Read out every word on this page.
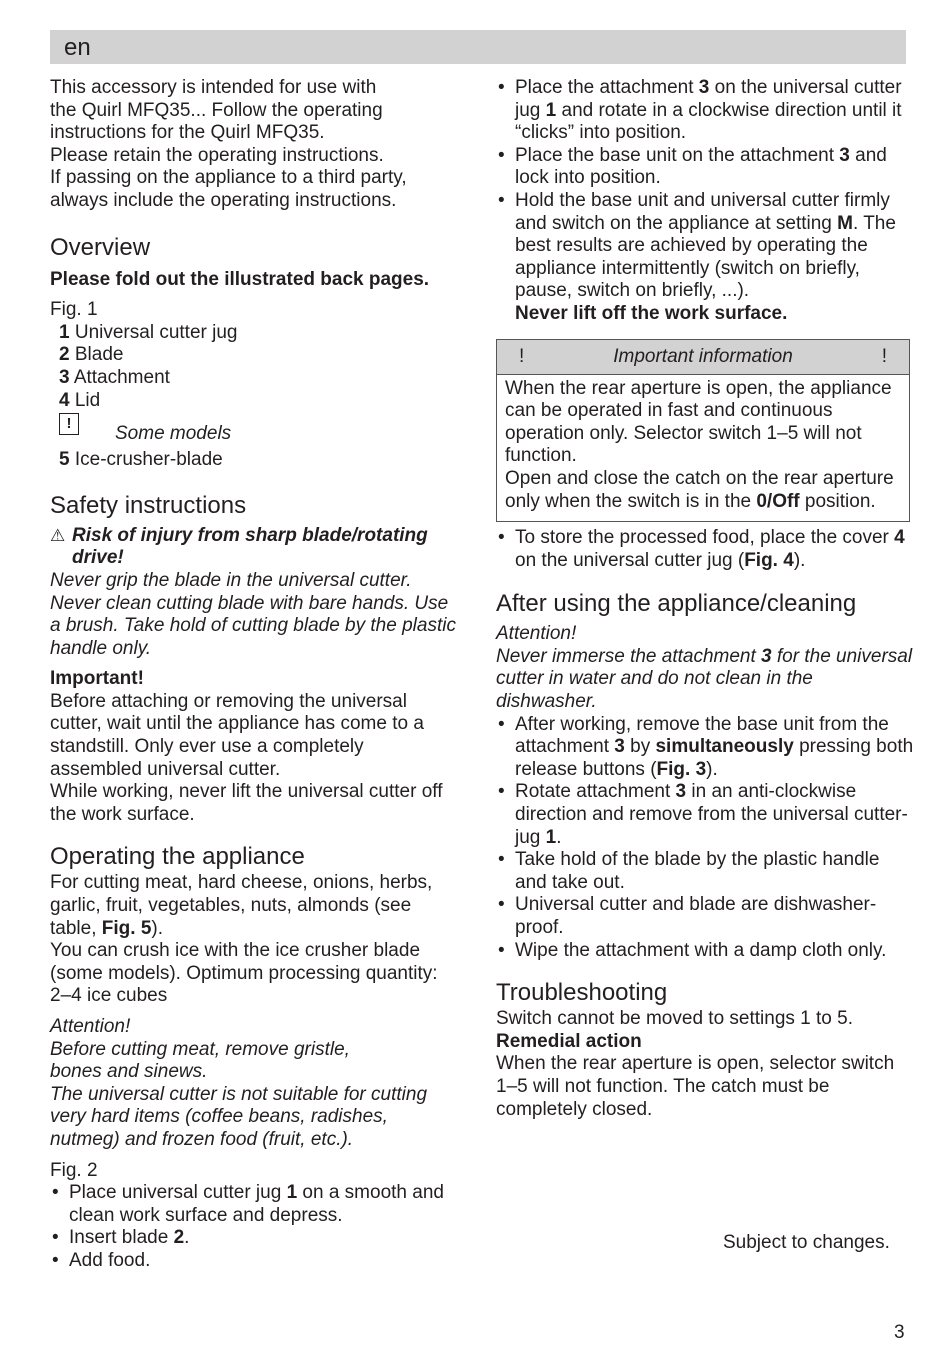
en

This accessory is intended for use with

the Quirl MFQ35... Follow the operating

instructions for the Quirl MFQ35.

Please retain the operating instructions.

If passing on the appliance to a third party,

always include the operating instructions.

Overview

Please fold out the illustrated back pages.

Fig. 1

1 Universal cutter jug

2 Blade

3 Attachment

4 Lid

!	Some models

5 Ice-crusher-blade

Safety instructions
⚠ Risk of injury from sharp blade/rotating drive!

Never grip the blade in the universal cutter. Never clean cutting blade with bare hands. Use a brush. Take hold of cutting blade by the plastic handle only.

Important!

Before attaching or removing the universal cutter, wait until the appliance has come to a standstill. Only ever use a completely assembled universal cutter.

While working, never lift the universal cutter off the work surface.

Operating the appliance

For cutting meat, hard cheese, onions, herbs, garlic, fruit, vegetables, nuts, almonds (see table, Fig. 5).

You can crush ice with the ice crusher blade (some models). Optimum processing quantity: 2–4 ice cubes

Attention!

Before cutting meat, remove gristle,

bones and sinews.

The universal cutter is not suitable for cutting very hard items (coffee beans, radishes, nutmeg) and frozen food (fruit, etc.).

Fig. 2

• Place universal cutter jug 1 on a smooth and clean work surface and depress.
• Insert blade 2.
• Add food.
• Place the attachment 3 on the universal cutter jug 1 and rotate in a clockwise direction until it “clicks” into position.
• Place the base unit on the attachment 3 and lock into position.
• Hold the base unit and universal cutter firmly and switch on the appliance at setting M. The best results are achieved by operating the appliance intermittently (switch on briefly, pause, switch on briefly, ...).
Never lift off the work surface.
!	Important information	!

When the rear aperture is open, the appliance can be operated in fast and continuous operation only. Selector switch 1–5 will not function.

Open and close the catch on the rear aperture only when the switch is in the 0/Off position.

• To store the processed food, place the cover 4 on the universal cutter jug (Fig. 4).
After using the appliance/cleaning

Attention!

Never immerse the attachment 3 for the universal cutter in water and do not clean in the dishwasher.

• After working, remove the base unit from the attachment 3 by simultaneously pressing both release buttons (Fig. 3).
• Rotate attachment 3 in an anti-clockwise direction and remove from the universal cutter-jug 1.
• Take hold of the blade by the plastic handle and take out.
• Universal cutter and blade are dishwasher-proof.
• Wipe the attachment with a damp cloth only.
Troubleshooting

Switch cannot be moved to settings 1 to 5.

Remedial action

When the rear aperture is open, selector switch 1–5 will not function. The catch must be completely closed.

Subject to changes.
3
